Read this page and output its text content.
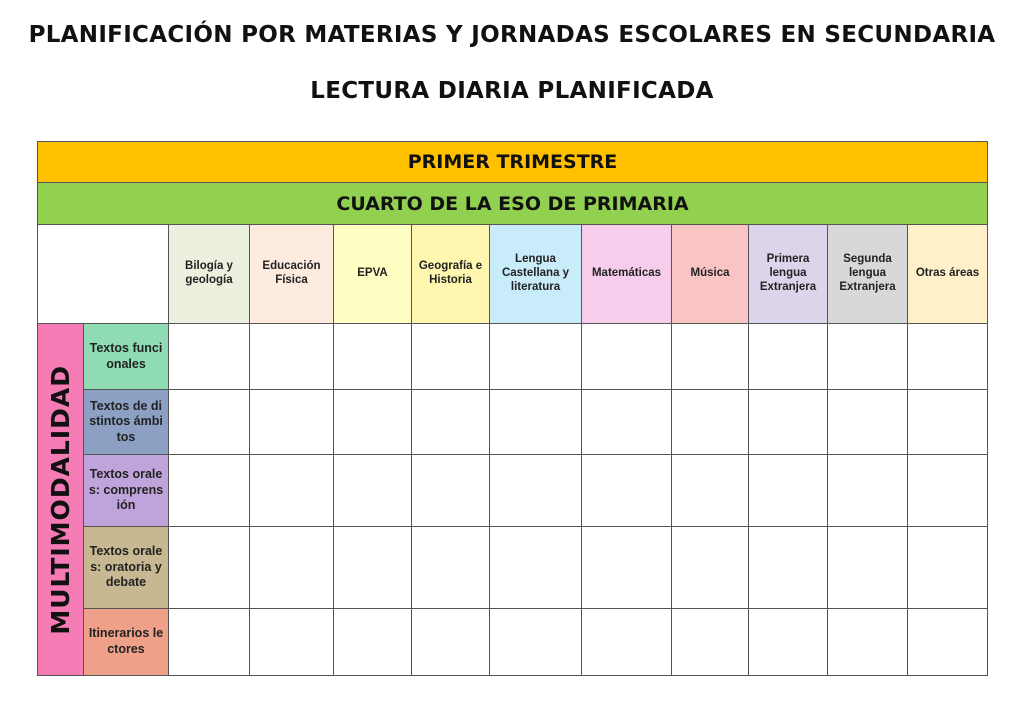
PLANIFICACIÓN POR MATERIAS Y JORNADAS ESCOLARES EN SECUNDARIA
LECTURA DIARIA PLANIFICADA
PRIMER TRIMESTRE
CUARTO DE LA ESO DE PRIMARIA
MULTIMODALIDAD
Bilogía y geología
Educación Física
EPVA
Geografía e Historia
Lengua Castellana y literatura
Matemáticas	Música
Primera lengua Extranjera
Segunda lengua Extranjera
Otras áreas
Textos funcionales
Textos de distintos ámbitos
Textos orales: comprensión
Textos orales: oratoria y debate
Itinerarios lectores
